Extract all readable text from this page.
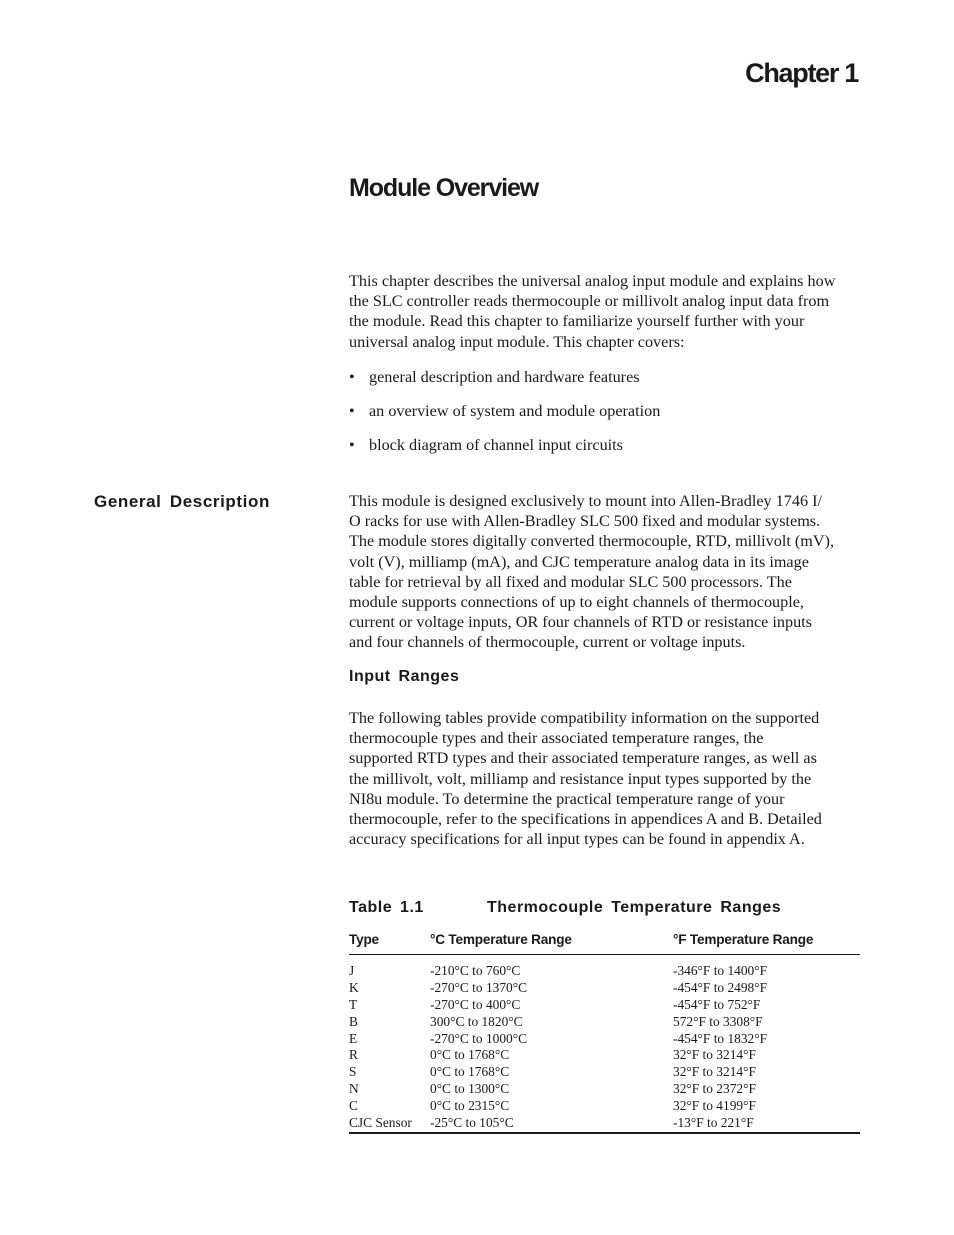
Chapter 1
Module Overview
This chapter describes the universal analog input module and explains how
the SLC controller reads thermocouple or millivolt analog input data from
the module. Read this chapter to familiarize yourself further with your
universal analog input module. This chapter covers:
• general description and hardware features
• an overview of system and module operation
• block diagram of channel input circuits
General Description	This module is designed exclusively to mount into Allen-Bradley 1746 I/
O racks for use with Allen-Bradley SLC 500 fixed and modular systems.
The module stores digitally converted thermocouple, RTD, millivolt (mV),
volt (V), milliamp (mA), and CJC temperature analog data in its image
table for retrieval by all fixed and modular SLC 500 processors. The
module supports connections of up to eight channels of thermocouple,
current or voltage inputs, OR four channels of RTD or resistance inputs
and four channels of thermocouple, current or voltage inputs.
Input Ranges
The following tables provide compatibility information on the supported
thermocouple types and their associated temperature ranges, the
supported RTD types and their associated temperature ranges, as well as
the millivolt, volt, milliamp and resistance input types supported by the
NI8u module. To determine the practical temperature range of your
thermocouple, refer to the specifications in appendices A and B. Detailed
accuracy specifications for all input types can be found in appendix A.
Table 1.1	Thermocouple Temperature Ranges
Type	°C Temperature Range	°F Temperature Range
J	-210°C to 760°C	-346°F to 1400°F
K	-270°C to 1370°C	-454°F to 2498°F
T	-270°C to 400°C	-454°F to 752°F
B	300°C to 1820°C	572°F to 3308°F
E	-270°C to 1000°C	-454°F to 1832°F
R	0°C to 1768°C	32°F to 3214°F
S	0°C to 1768°C	32°F to 3214°F
N	0°C to 1300°C	32°F to 2372°F
C	0°C to 2315°C	32°F to 4199°F
CJC Sensor	-25°C to 105°C	-13°F to 221°F
